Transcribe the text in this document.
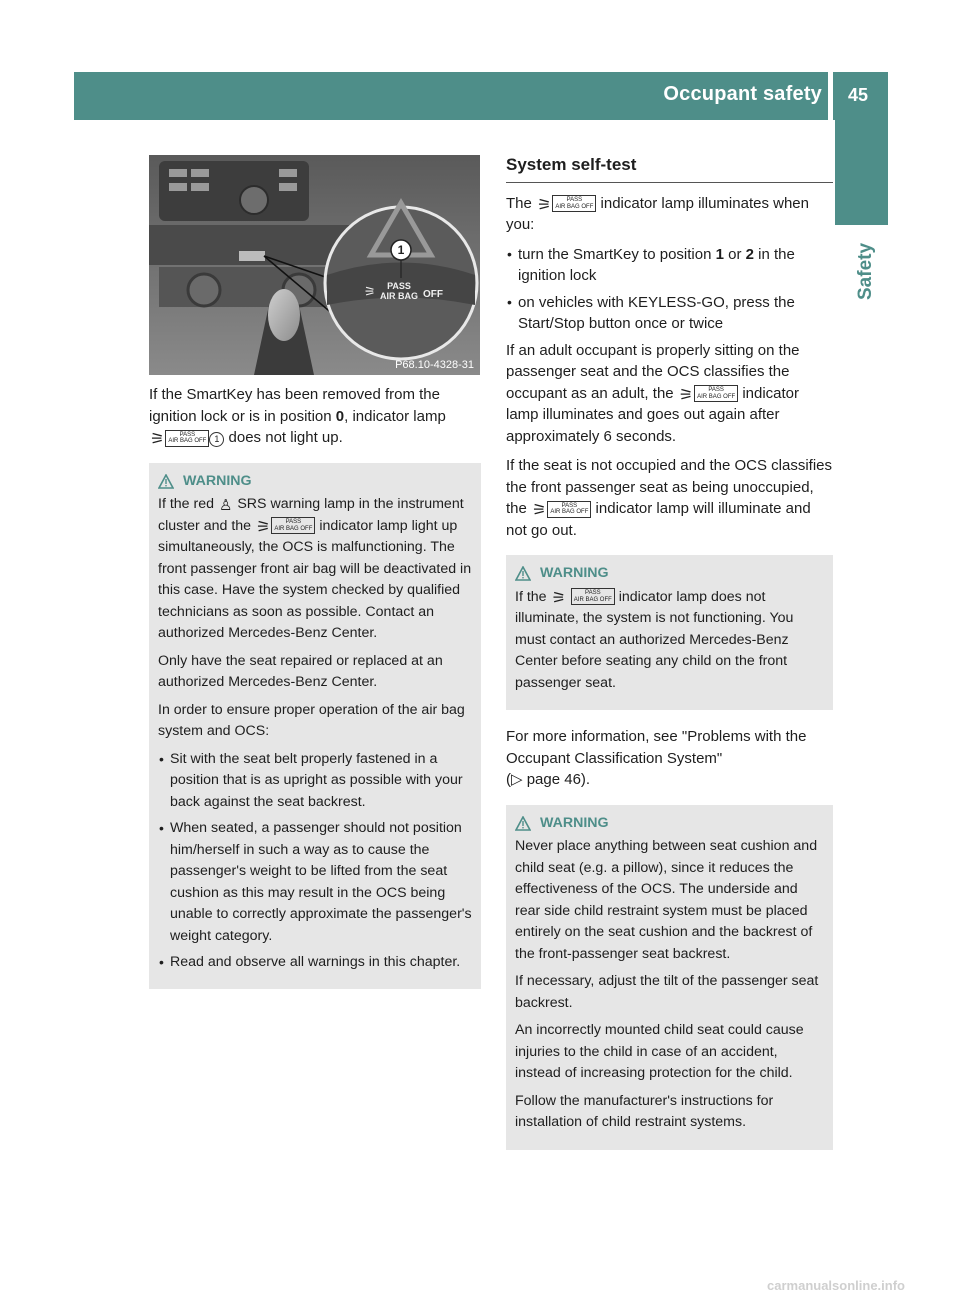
Occupant safety 45
Safety
1
⚞ PASS
AIR BAG OFF
P68.10-4328-31

If the SmartKey has been removed from the ignition lock or is in position 0, indicator lamp
⚞	PASS
AIR BAG OFF 1 does not light up.

WARNING

If the red ♙ SRS warning lamp in the instrument cluster and the ⚞	PASS
AIR BAG OFF indicator lamp light up simultaneously, the OCS is malfunctioning. The front passenger front air bag will be deactivated in this case. Have the system checked by qualified technicians as soon as possible. Contact an authorized Mercedes-Benz Center.

Only have the seat repaired or replaced at an authorized Mercedes-Benz Center.

In order to ensure proper operation of the air bag system and OCS:

• Sit with the seat belt properly fastened in a position that is as upright as possible with your back against the seat backrest.
• When seated, a passenger should not position him/herself in such a way as to cause the passenger's weight to be lifted from the seat cushion as this may result in the OCS being unable to correctly approximate the passenger's weight category.
• Read and observe all warnings in this chapter.
System self-test

The ⚞	PASS
AIR BAG OFF indicator lamp illuminates when you:

• turn the SmartKey to position 1 or 2 in the ignition lock
• on vehicles with KEYLESS-GO, press the Start/Stop button once or twice

If an adult occupant is properly sitting on the passenger seat and the OCS classifies the occupant as an adult, the ⚞	PASS
AIR BAG OFF indicator lamp illuminates and goes out again after approximately 6 seconds.

If the seat is not occupied and the OCS classifies the front passenger seat as being unoccupied, the ⚞	PASS
AIR BAG OFF indicator lamp will illuminate and not go out.

WARNING

If the ⚞	PASS
AIR BAG OFF indicator lamp does not illuminate, the system is not functioning. You must contact an authorized Mercedes-Benz Center before seating any child on the front passenger seat.

For more information, see "Problems with the Occupant Classification System"
(▷ page 46).

WARNING

Never place anything between seat cushion and child seat (e.g. a pillow), since it reduces the effectiveness of the OCS. The underside and rear side child restraint system must be placed entirely on the seat cushion and the backrest of the front-passenger seat backrest.

If necessary, adjust the tilt of the passenger seat backrest.

An incorrectly mounted child seat could cause injuries to the child in case of an accident, instead of increasing protection for the child.

Follow the manufacturer's instructions for installation of child restraint systems.

carmanualsonline.info
